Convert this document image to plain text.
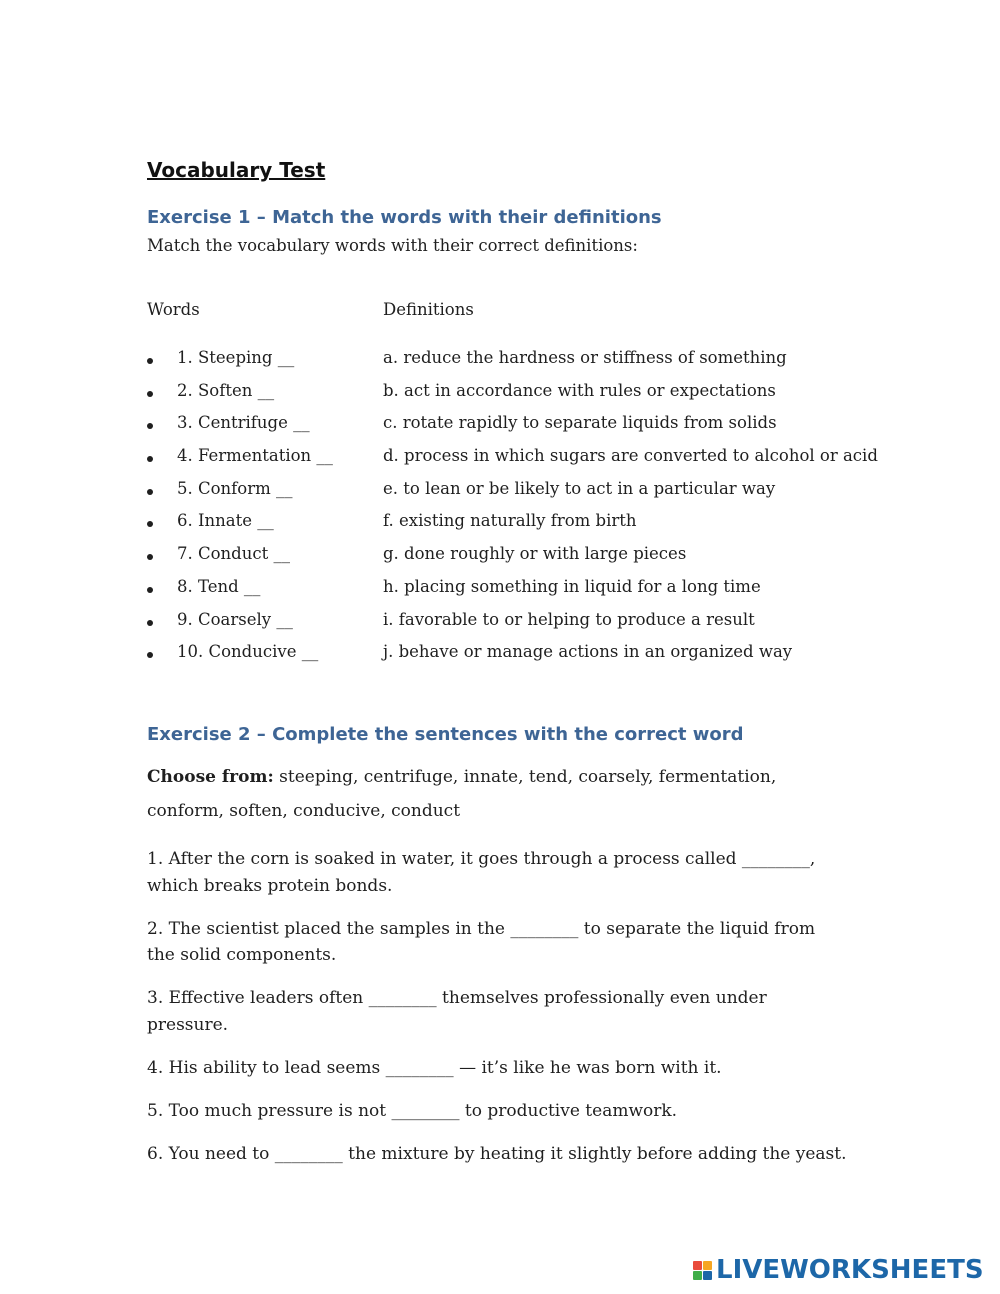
Vocabulary Test
Exercise 1 – Match the words with their definitions

Match the vocabulary words with their correct definitions:

Words	Definitions

1. Steeping __	a. reduce the hardness or stiffness of something
2. Soften __	b. act in accordance with rules or expectations
3. Centrifuge __	c. rotate rapidly to separate liquids from solids
4. Fermentation __	d. process in which sugars are converted to alcohol or acid
5. Conform __	e. to lean or be likely to act in a particular way
6. Innate __	f. existing naturally from birth
7. Conduct __	g. done roughly or with large pieces
8. Tend __	h. placing something in liquid for a long time
9. Coarsely __	i. favorable to or helping to produce a result
10. Conducive __	j. behave or manage actions in an organized way
Exercise 2 – Complete the sentences with the correct word

Choose from: steeping, centrifuge, innate, tend, coarsely, fermentation, conform, soften, conducive, conduct

1. After the corn is soaked in water, it goes through a process called ________, which breaks protein bonds.

2. The scientist placed the samples in the ________ to separate the liquid from the solid components.

3. Effective leaders often ________ themselves professionally even under pressure.

4. His ability to lead seems ________ — it’s like he was born with it.

5. Too much pressure is not ________ to productive teamwork.

6. You need to ________ the mixture by heating it slightly before adding the yeast.

LIVEWORKSHEETS
